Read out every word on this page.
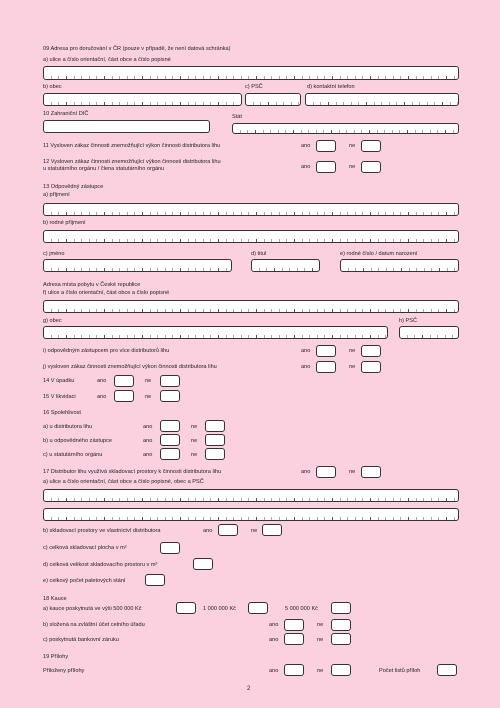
09 Adresa pro doručování v ČR (pouze v případě, že není datová schránka)
a) ulice a číslo orientační, část obce a číslo popisné
b) obec	c) PSČ	d) kontaktní telefon
10 Zahraniční DIČ	Stát
11 Vysloven zákaz činnosti znemožňující výkon činnosti distributora lihu	ano	ne
12 Vysloven zákaz činnosti znemožňující výkon činnosti distributora lihu
u statutárního orgánu / člena statutárního orgánu	ano	ne
13 Odpovědný zástupce
a) příjmení
b) rodné příjmení
c) jméno	d) titul	e) rodné číslo / datum narození
Adresa místa pobytu v České republice
f) ulice a číslo orientační, část obce a číslo popisné
g) obec	h) PSČ
i) odpovědným zástupcem pro více distributorů lihu	ano	ne
j) vysloven zákaz činnosti znemožňující výkon činnosti distributora lihu	ano	ne
14 V úpadku	ano	ne
15 V likvidaci	ano	ne
16 Spolehlivost
a) u distributora lihu	ano	ne
b) u odpovědného zástupce	ano	ne
c) u statutárního orgánu	ano	ne
17 Distributor lihu využívá skladovací prostory k činnosti distributora lihu	ano	ne
a) ulice a číslo orientační, část obce a číslo popisné, obec a PSČ
b) skladovací prostory ve vlastnictví distributora	ano	ne
c) celková skladovací plocha v m²
d) celková velikost skladovacího prostoru v m³
e) celkový počet paletových stání
18 Kauce
a) kauce poskytnutá ve výši 500 000 Kč	1 000 000 Kč	5 000 000 Kč
b) složená na zvláštní účet celního úřadu	ano	ne
c) poskytnutá bankovní záruku	ano	ne
19 Přílohy
Přiloženy přílohy	ano	ne	Počet listů příloh
2
